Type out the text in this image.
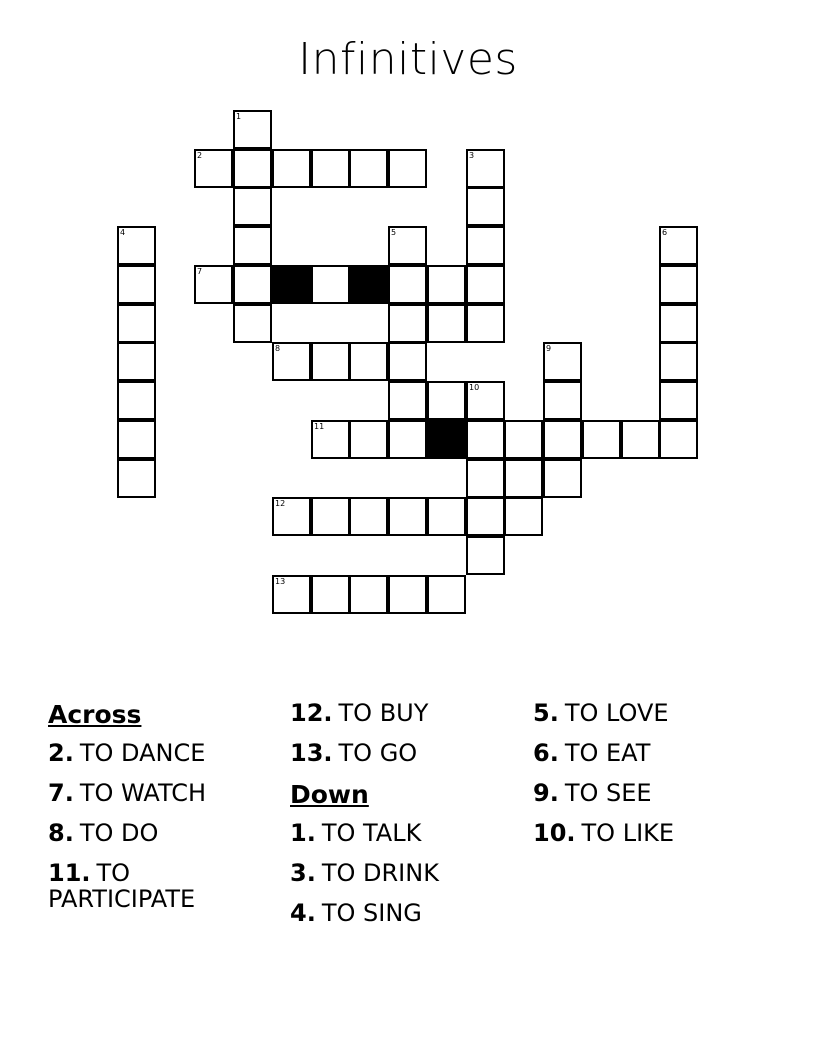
Infinitives
1
2	3
4	5	6
7
8	9
10
11
12
13
Across
2. TO DANCE
7. TO WATCH
8. TO DO
11. TO PARTICIPATE
12. TO BUY
13. TO GO
Down
1. TO TALK
3. TO DRINK
4. TO SING
5. TO LOVE
6. TO EAT
9. TO SEE
10. TO LIKE
